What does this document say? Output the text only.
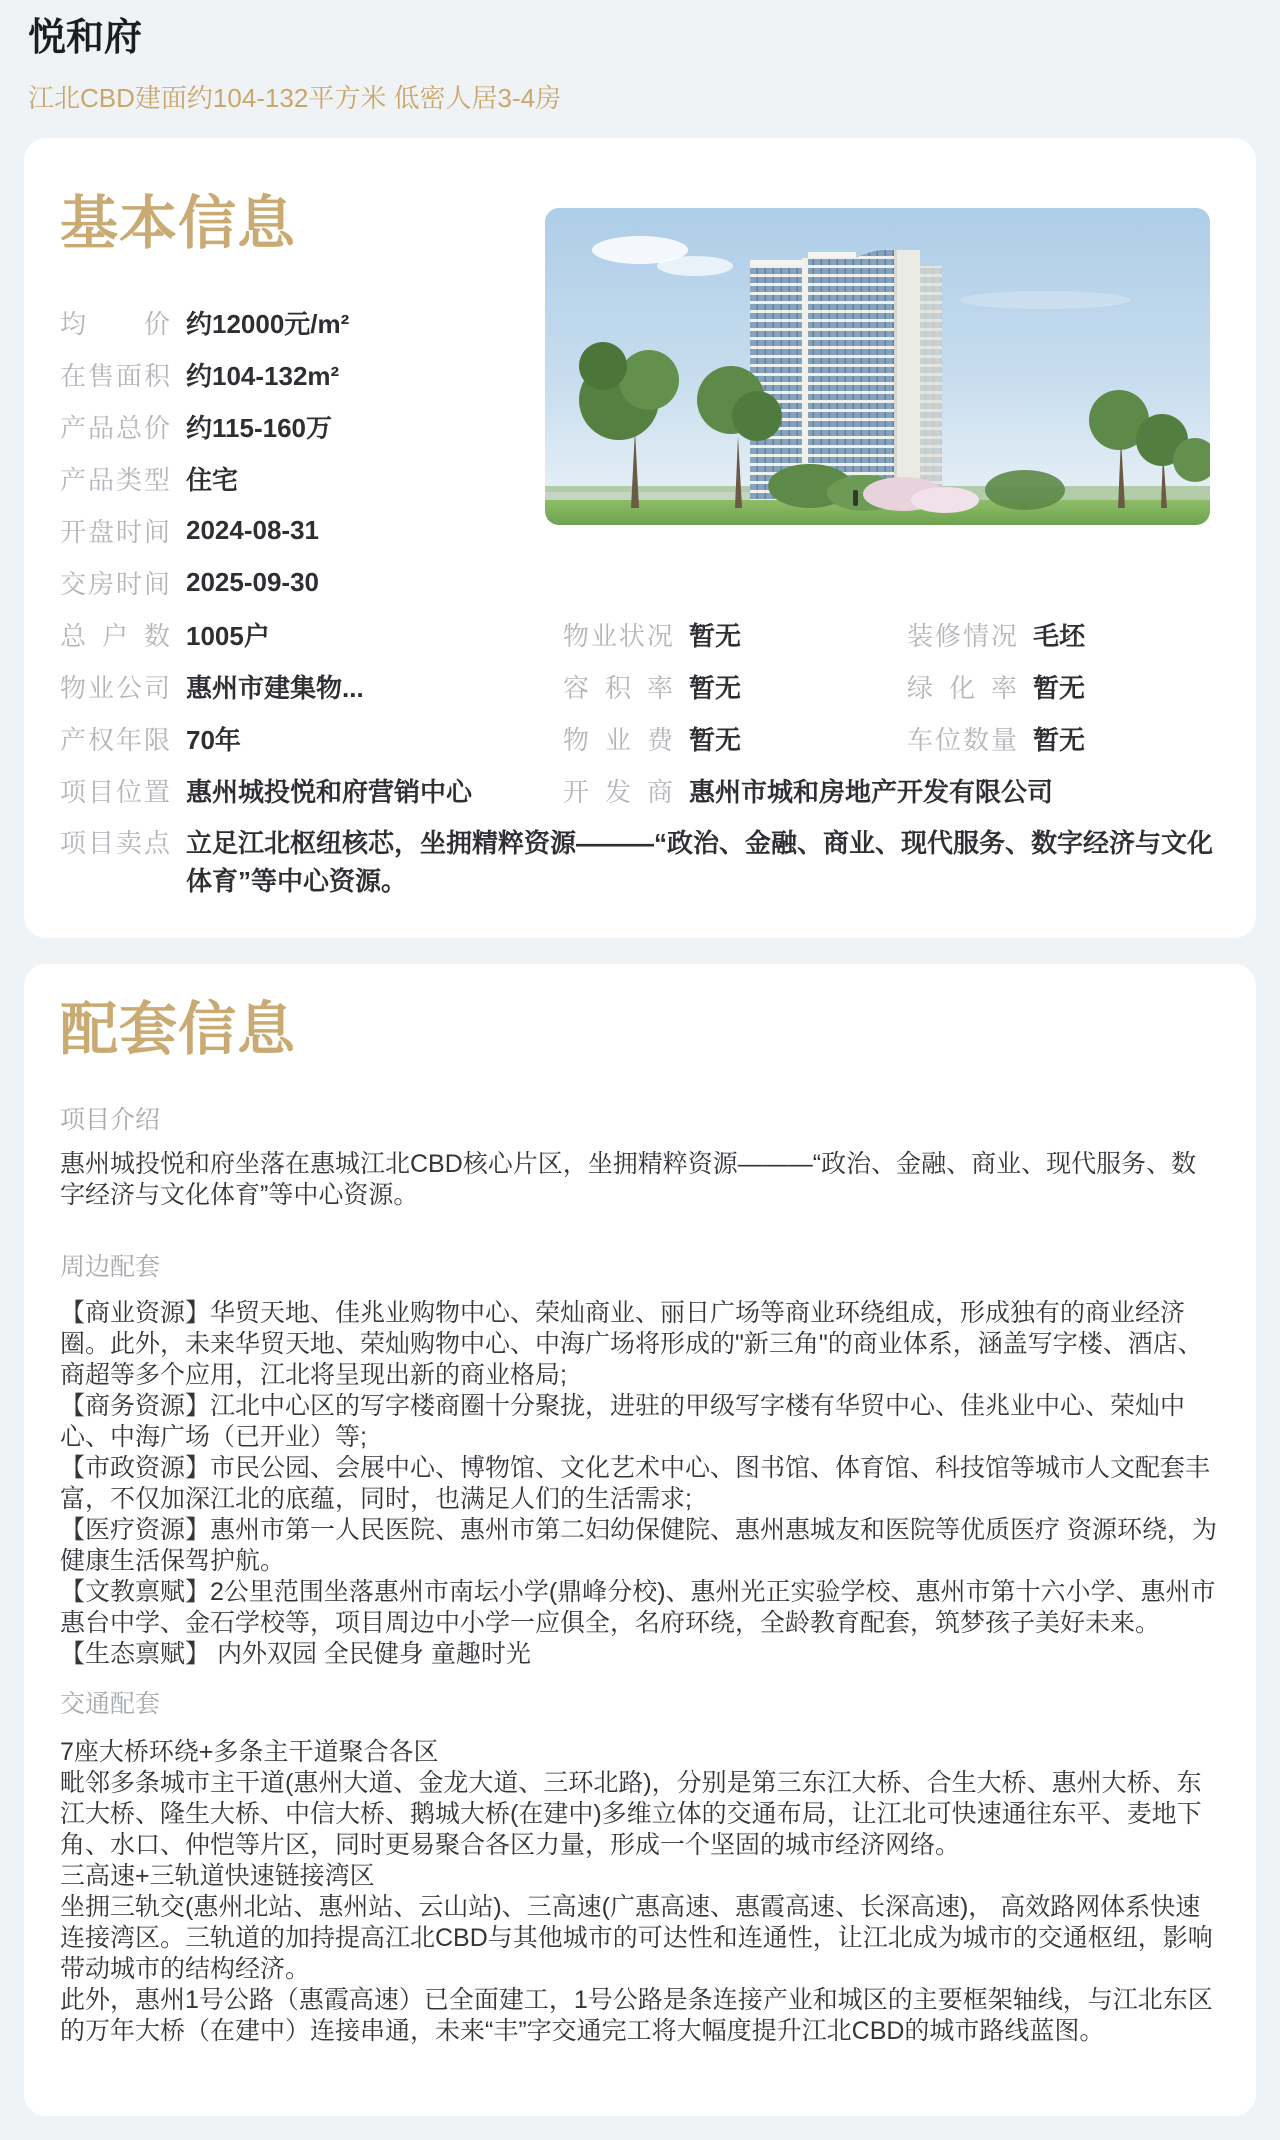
悦和府
江北CBD建面约104-132平方米 低密人居3-4房
基本信息
均价 约12000元/m²
在售面积 约104-132m²
产品总价 约115-160万
产品类型 住宅
开盘时间 2024-08-31
交房时间 2025-09-30
总户数 1005户	物业状况 暂无	装修情况 毛坯
物业公司 惠州市建集物...	容积率 暂无	绿化率 暂无
产权年限 70年	物业费 暂无	车位数量 暂无
项目位置 惠州城投悦和府营销中心	开发商 惠州市城和房地产开发有限公司
项目卖点 立足江北枢纽核芯，坐拥精粹资源———“政治、金融、商业、现代服务、数字经济与文化体育”等中心资源。
配套信息
项目介绍

惠州城投悦和府坐落在惠城江北CBD核心片区，坐拥精粹资源———“政治、金融、商业、现代服务、数字经济与文化体育”等中心资源。

周边配套

【商业资源】华贸天地、佳兆业购物中心、荣灿商业、丽日广场等商业环绕组成，形成独有的商业经济圈。此外，未来华贸天地、荣灿购物中心、中海广场将形成的"新三角"的商业体系，涵盖写字楼、酒店、商超等多个应用，江北将呈现出新的商业格局;

【商务资源】江北中心区的写字楼商圈十分聚拢，进驻的甲级写字楼有华贸中心、佳兆业中心、荣灿中心、中海广场（已开业）等;

【市政资源】市民公园、会展中心、博物馆、文化艺术中心、图书馆、体育馆、科技馆等城市人文配套丰富，不仅加深江北的底蕴，同时，也满足人们的生活需求;

【医疗资源】惠州市第一人民医院、惠州市第二妇幼保健院、惠州惠城友和医院等优质医疗 资源环绕，为健康生活保驾护航。

【文教禀赋】2公里范围坐落惠州市南坛小学(鼎峰分校)、惠州光正实验学校、惠州市第十六小学、惠州市惠台中学、金石学校等，项目周边中小学一应俱全，名府环绕，全龄教育配套，筑梦孩子美好未来。

【生态禀赋】 内外双园 全民健身 童趣时光

交通配套

7座大桥环绕+多条主干道聚合各区

毗邻多条城市主干道(惠州大道、金龙大道、三环北路)，分别是第三东江大桥、合生大桥、惠州大桥、东江大桥、隆生大桥、中信大桥、鹅城大桥(在建中)多维立体的交通布局，让江北可快速通往东平、麦地下角、水口、仲恺等片区，同时更易聚合各区力量，形成一个坚固的城市经济网络。

三高速+三轨道快速链接湾区

坐拥三轨交(惠州北站、惠州站、云山站)、三高速(广惠高速、惠霞高速、长深高速)， 高效路网体系快速连接湾区。三轨道的加持提高江北CBD与其他城市的可达性和连通性，让江北成为城市的交通枢纽，影响带动城市的结构经济。

此外，惠州1号公路（惠霞高速）已全面建工，1号公路是条连接产业和城区的主要框架轴线，与江北东区的万年大桥（在建中）连接串通，未来“丰”字交通完工将大幅度提升江北CBD的城市路线蓝图。
